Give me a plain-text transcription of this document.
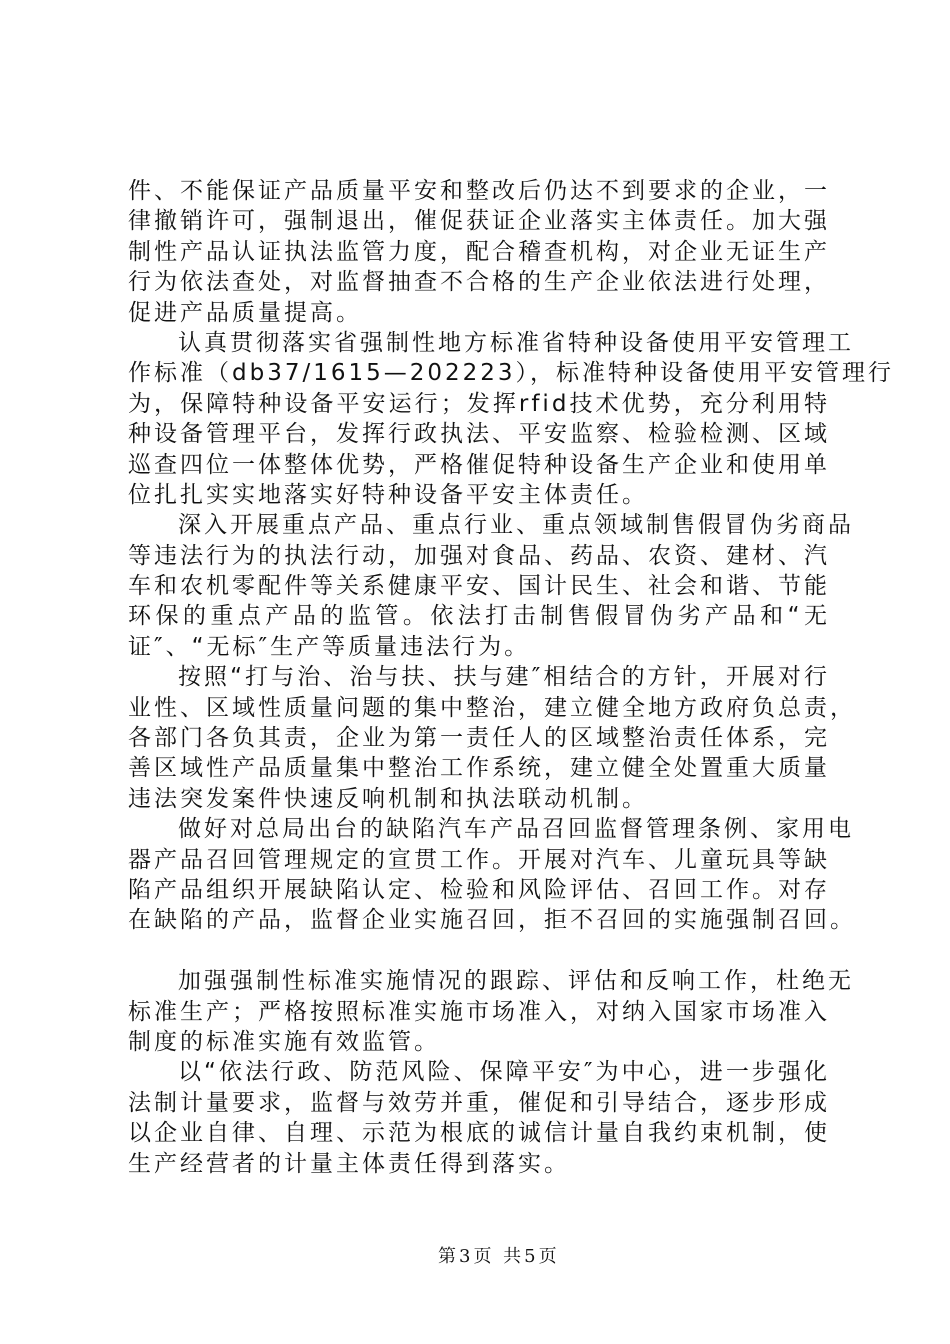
件、不能保证产品质量平安和整改后仍达不到要求的企业，一
律撤销许可，强制退出，催促获证企业落实主体责任。加大强
制性产品认证执法监管力度，配合稽查机构，对企业无证生产
行为依法查处，对监督抽查不合格的生产企业依法进行处理，
促进产品质量提高。
认真贯彻落实省强制性地方标准省特种设备使用平安管理工
作标准（db37/1615—202223），标准特种设备使用平安管理行
为，保障特种设备平安运行；发挥rfid技术优势，充分利用特
种设备管理平台，发挥行政执法、平安监察、检验检测、区域
巡查四位一体整体优势，严格催促特种设备生产企业和使用单
位扎扎实实地落实好特种设备平安主体责任。
深入开展重点产品、重点行业、重点领域制售假冒伪劣商品
等违法行为的执法行动，加强对食品、药品、农资、建材、汽
车和农机零配件等关系健康平安、国计民生、社会和谐、节能
环保的重点产品的监管。依法打击制售假冒伪劣产品和“无
证″、“无标″生产等质量违法行为。
按照“打与治、治与扶、扶与建″相结合的方针，开展对行
业性、区域性质量问题的集中整治，建立健全地方政府负总责，
各部门各负其责，企业为第一责任人的区域整治责任体系，完
善区域性产品质量集中整治工作系统，建立健全处置重大质量
违法突发案件快速反响机制和执法联动机制。
做好对总局出台的缺陷汽车产品召回监督管理条例、家用电
器产品召回管理规定的宣贯工作。开展对汽车、儿童玩具等缺
陷产品组织开展缺陷认定、检验和风险评估、召回工作。对存
在缺陷的产品，监督企业实施召回，拒不召回的实施强制召回。
加强强制性标准实施情况的跟踪、评估和反响工作，杜绝无
标准生产；严格按照标准实施市场准入，对纳入国家市场准入
制度的标准实施有效监管。
以“依法行政、防范风险、保障平安″为中心，进一步强化
法制计量要求，监督与效劳并重，催促和引导结合，逐步形成
以企业自律、自理、示范为根底的诚信计量自我约束机制，使
生产经营者的计量主体责任得到落实。
第3页 共5页
